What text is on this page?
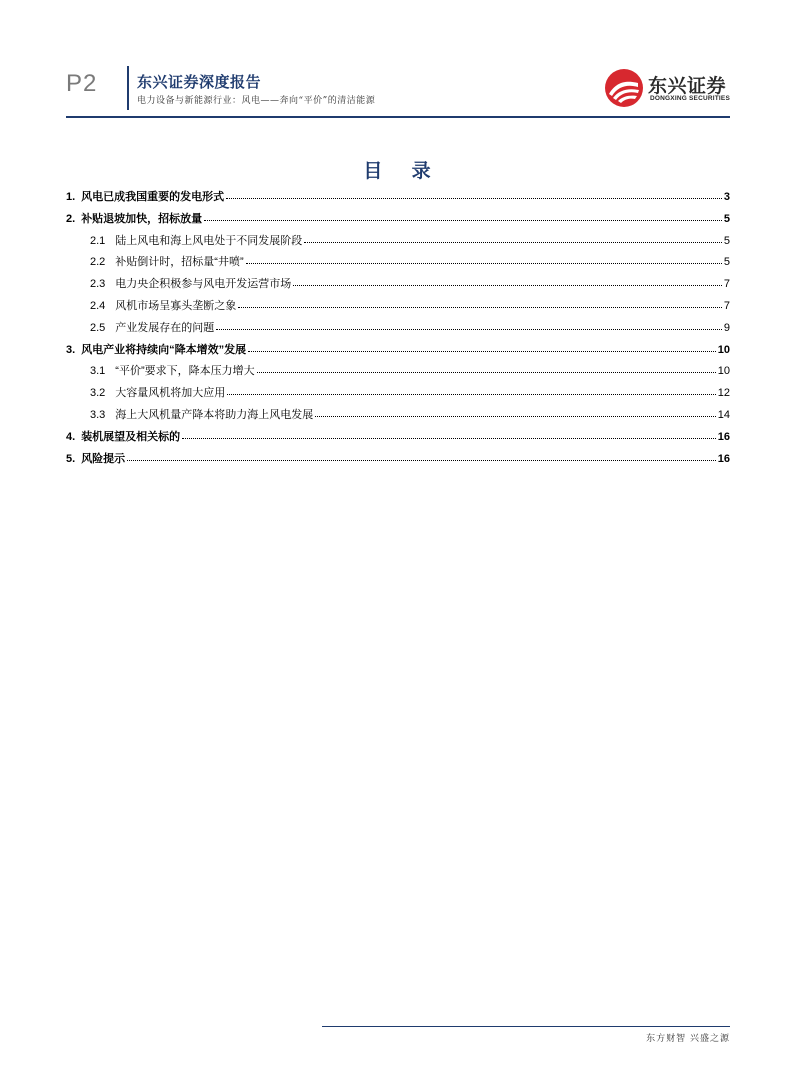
P2	东兴证券深度报告
电力设备与新能源行业：风电——奔向“平价”的清洁能源
东兴证券
DONGXING SECURITIES
目 录
1. 风电已成我国重要的发电形式	3
2. 补贴退坡加快，招标放量	5
2.1 陆上风电和海上风电处于不同发展阶段	5
2.2 补贴倒计时，招标量“井喷”	5
2.3 电力央企积极参与风电开发运营市场	7
2.4 风机市场呈寡头垄断之象	7
2.5 产业发展存在的问题	9
3. 风电产业将持续向“降本增效”发展	10
3.1 “平价”要求下，降本压力增大	10
3.2 大容量风机将加大应用	12
3.3 海上大风机量产降本将助力海上风电发展	14
4. 装机展望及相关标的	16
5. 风险提示	16
东方财智 兴盛之源
